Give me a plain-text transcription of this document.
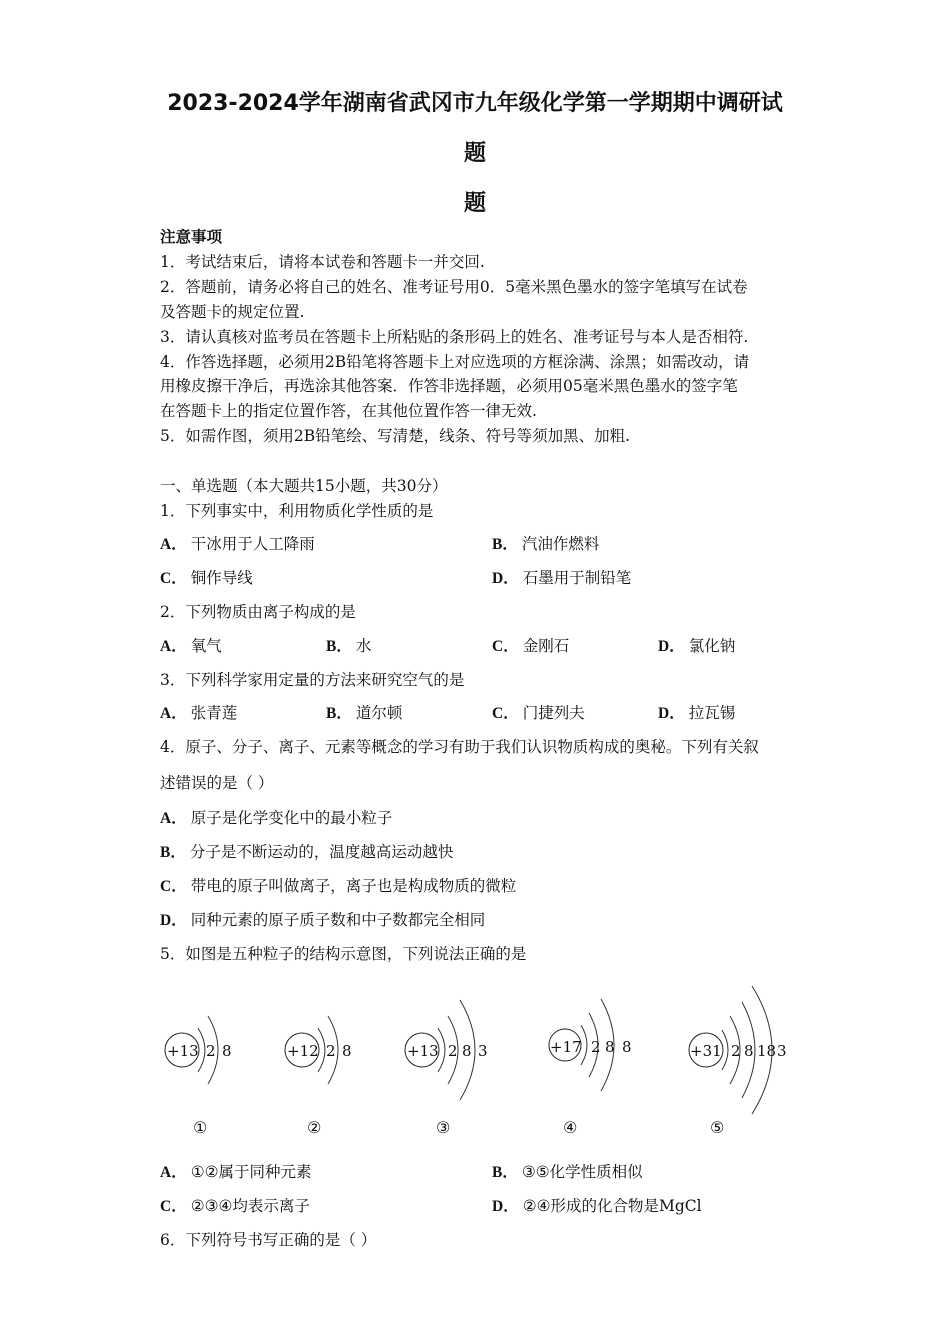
2023-2024学年湖南省武冈市九年级化学第一学期期中调研试
题
题
注意事项
1．考试结束后，请将本试卷和答题卡一并交回.
2．答题前，请务必将自己的姓名、准考证号用0．5毫米黑色墨水的签字笔填写在试卷
及答题卡的规定位置.
3．请认真核对监考员在答题卡上所粘贴的条形码上的姓名、准考证号与本人是否相符.
4．作答选择题，必须用2B铅笔将答题卡上对应选项的方框涂满、涂黑；如需改动，请
用橡皮擦干净后，再选涂其他答案．作答非选择题，必须用05毫米黑色墨水的签字笔
在答题卡上的指定位置作答，在其他位置作答一律无效.
5．如需作图，须用2B铅笔绘、写清楚，线条、符号等须加黑、加粗.
一、单选题（本大题共15小题，共30分）
1．下列事实中，利用物质化学性质的是
A． 干冰用于人工降雨	B． 汽油作燃料
C． 铜作导线	D． 石墨用于制铅笔
2．下列物质由离子构成的是
A． 氧气	B． 水	C． 金刚石	D． 氯化钠
3．下列科学家用定量的方法来研究空气的是
A． 张青莲	B． 道尔顿	C． 门捷列夫	D． 拉瓦锡
4．原子、分子、离子、元素等概念的学习有助于我们认识物质构成的奥秘。下列有关叙
述错误的是（ ）
A． 原子是化学变化中的最小粒子
B． 分子是不断运动的，温度越高运动越快
C． 带电的原子叫做离子，离子也是构成物质的微粒
D． 同种元素的原子质子数和中子数都完全相同
5．如图是五种粒子的结构示意图，下列说法正确的是
+13 2 8
①
+12 2 8
②
+13 2 8 3
③
+17 2 8 8
④
+31 2 8 18 3
⑤
A． ①②属于同种元素	B． ③⑤化学性质相似
C． ②③④均表示离子	D． ②④形成的化合物是MgCl
6．下列符号书写正确的是（ ）
